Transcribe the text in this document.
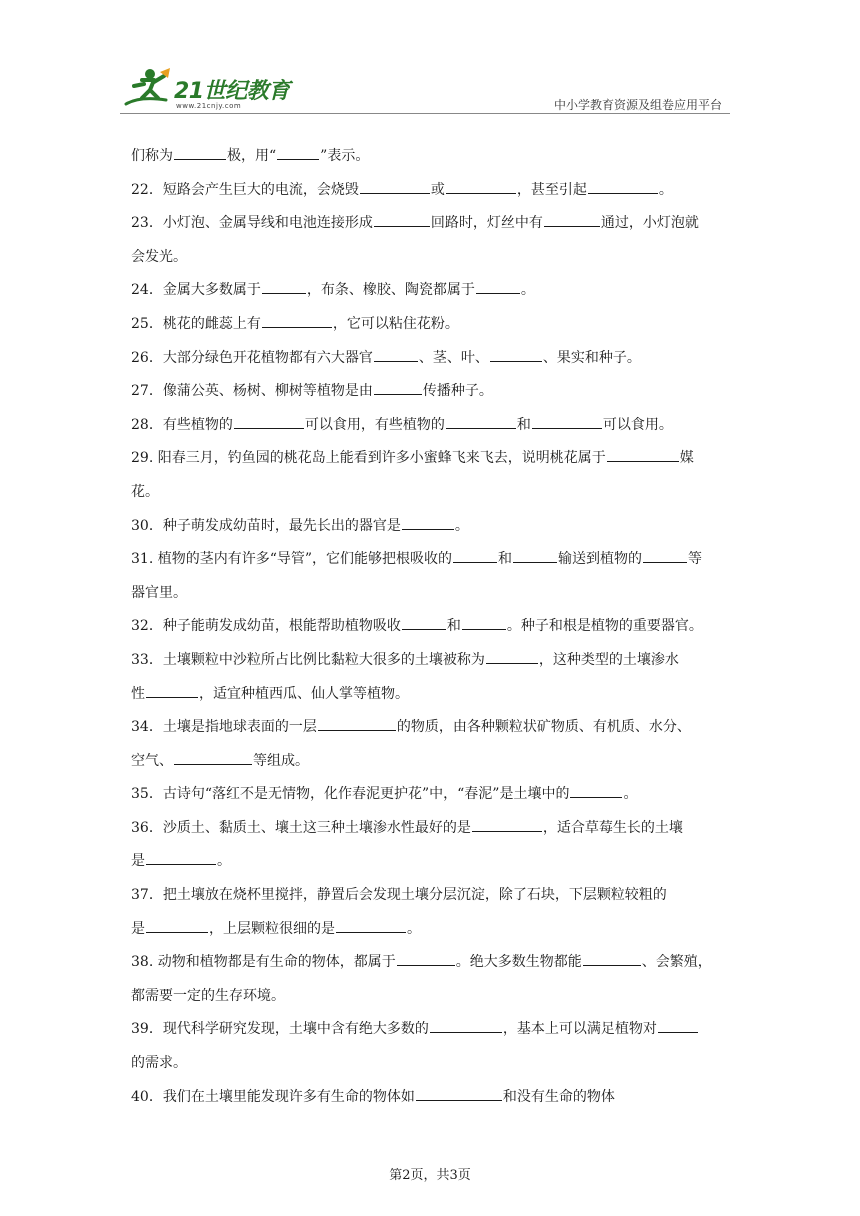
21世纪教育
www.21cnjy.com	中小学教育资源及组卷应用平台
们称为	极，用“	”表示。
22．短路会产生巨大的电流，会烧毁	或	，甚至引起	。
23．小灯泡、金属导线和电池连接形成	回路时，灯丝中有	通过，小灯泡就
会发光。
24．金属大多数属于	，布条、橡胶、陶瓷都属于	。
25．桃花的雌蕊上有	，它可以粘住花粉。
26．大部分绿色开花植物都有六大器官	、茎、叶、	、果实和种子。
27．像蒲公英、杨树、柳树等植物是由	传播种子。
28．有些植物的	可以食用，有些植物的	和	可以食用。
29. 阳春三月，钓鱼园的桃花岛上能看到许多小蜜蜂飞来飞去，说明桃花属于	媒
花。
30．种子萌发成幼苗时，最先长出的器官是	。
31. 植物的茎内有许多“导管”，它们能够把根吸收的	和	输送到植物的	等
器官里。
32．种子能萌发成幼苗，根能帮助植物吸收	和	。种子和根是植物的重要器官。
33．土壤颗粒中沙粒所占比例比黏粒大很多的土壤被称为	，这种类型的土壤渗水
性	，适宜种植西瓜、仙人掌等植物。
34．土壤是指地球表面的一层	的物质，由各种颗粒状矿物质、有机质、水分、
空气、	等组成。
35．古诗句“落红不是无情物，化作春泥更护花”中，“春泥”是土壤中的	。
36．沙质土、黏质土、壤土这三种土壤渗水性最好的是	，适合草莓生长的土壤
是	。
37．把土壤放在烧杯里搅拌，静置后会发现土壤分层沉淀，除了石块，下层颗粒较粗的
是	，上层颗粒很细的是	。
38. 动物和植物都是有生命的物体，都属于	。绝大多数生物都能	、会繁殖，
都需要一定的生存环境。
39．现代科学研究发现，土壤中含有绝大多数的	，基本上可以满足植物对
的需求。
40．我们在土壤里能发现许多有生命的物体如	和没有生命的物体
第2页，共3页
